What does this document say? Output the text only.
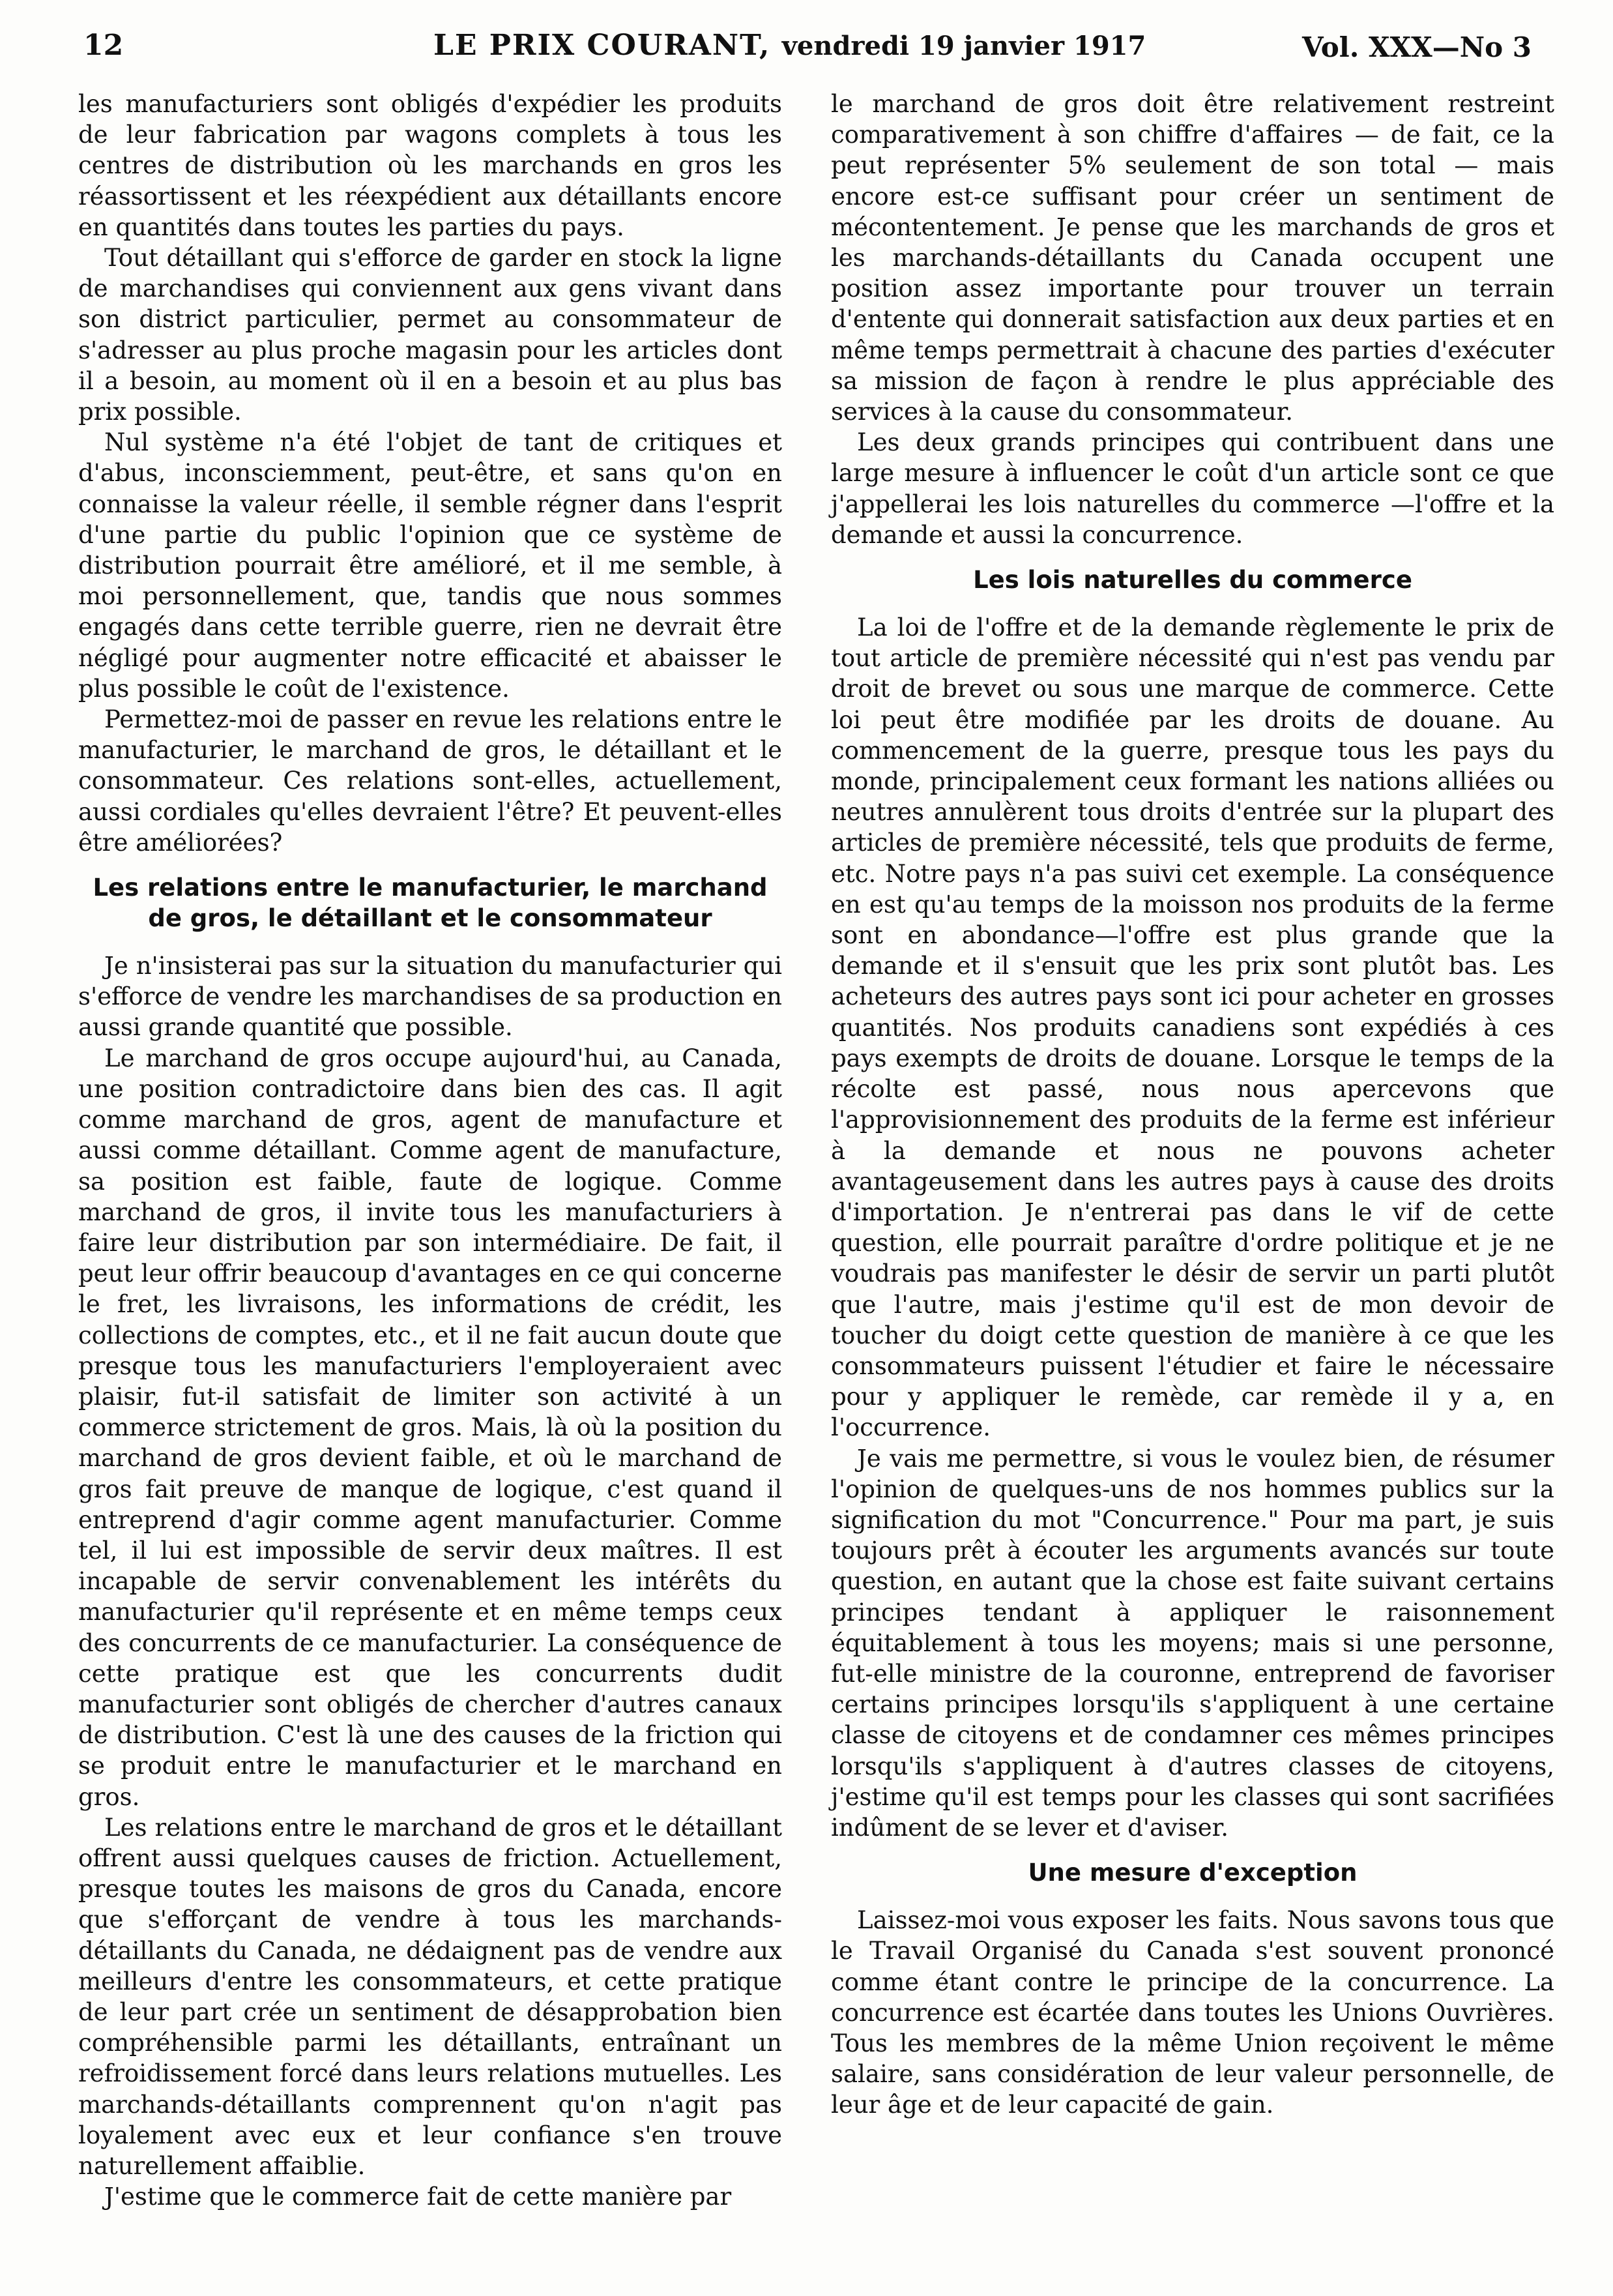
12	LE PRIX COURANT, vendredi 19 janvier 1917	Vol. XXX—No 3

les manufacturiers sont obligés d'expédier les produits de leur fabrication par wagons complets à tous les centres de distribution où les marchands en gros les réassortissent et les réexpédient aux détaillants encore en quantités dans toutes les parties du pays.

Tout détaillant qui s'efforce de garder en stock la ligne de marchandises qui conviennent aux gens vivant dans son district particulier, permet au consommateur de s'adresser au plus proche magasin pour les articles dont il a besoin, au moment où il en a besoin et au plus bas prix possible.

Nul système n'a été l'objet de tant de critiques et d'abus, inconsciemment, peut-être, et sans qu'on en connaisse la valeur réelle, il semble régner dans l'esprit d'une partie du public l'opinion que ce système de distribution pourrait être amélioré, et il me semble, à moi personnellement, que, tandis que nous sommes engagés dans cette terrible guerre, rien ne devrait être négligé pour augmenter notre efficacité et abaisser le plus possible le coût de l'existence.

Permettez-moi de passer en revue les relations entre le manufacturier, le marchand de gros, le détaillant et le consommateur. Ces relations sont-elles, actuellement, aussi cordiales qu'elles devraient l'être? Et peuvent-elles être améliorées?

Les relations entre le manufacturier, le marchand de gros, le détaillant et le consommateur

Je n'insisterai pas sur la situation du manufacturier qui s'efforce de vendre les marchandises de sa production en aussi grande quantité que possible.

Le marchand de gros occupe aujourd'hui, au Canada, une position contradictoire dans bien des cas. Il agit comme marchand de gros, agent de manufacture et aussi comme détaillant. Comme agent de manufacture, sa position est faible, faute de logique. Comme marchand de gros, il invite tous les manufacturiers à faire leur distribution par son intermédiaire. De fait, il peut leur offrir beaucoup d'avantages en ce qui concerne le fret, les livraisons, les informations de crédit, les collections de comptes, etc., et il ne fait aucun doute que presque tous les manufacturiers l'employeraient avec plaisir, fut-il satisfait de limiter son activité à un commerce strictement de gros. Mais, là où la position du marchand de gros devient faible, et où le marchand de gros fait preuve de manque de logique, c'est quand il entreprend d'agir comme agent manufacturier. Comme tel, il lui est impossible de servir deux maîtres. Il est incapable de servir convenablement les intérêts du manufacturier qu'il représente et en même temps ceux des concurrents de ce manufacturier. La conséquence de cette pratique est que les concurrents dudit manufacturier sont obligés de chercher d'autres canaux de distribution. C'est là une des causes de la friction qui se produit entre le manufacturier et le marchand en gros.

Les relations entre le marchand de gros et le détaillant offrent aussi quelques causes de friction. Actuellement, presque toutes les maisons de gros du Canada, encore que s'efforçant de vendre à tous les marchands-détaillants du Canada, ne dédaignent pas de vendre aux meilleurs d'entre les consommateurs, et cette pratique de leur part crée un sentiment de désapprobation bien compréhensible parmi les détaillants, entraînant un refroidissement forcé dans leurs relations mutuelles. Les marchands-détaillants comprennent qu'on n'agit pas loyalement avec eux et leur confiance s'en trouve naturellement affaiblie.

J'estime que le commerce fait de cette manière par

le marchand de gros doit être relativement restreint comparativement à son chiffre d'affaires — de fait, ce la peut représenter 5% seulement de son total — mais encore est-ce suffisant pour créer un sentiment de mécontentement. Je pense que les marchands de gros et les marchands-détaillants du Canada occupent une position assez importante pour trouver un terrain d'entente qui donnerait satisfaction aux deux parties et en même temps permettrait à chacune des parties d'exécuter sa mission de façon à rendre le plus appréciable des services à la cause du consommateur.

Les deux grands principes qui contribuent dans une large mesure à influencer le coût d'un article sont ce que j'appellerai les lois naturelles du commerce —l'offre et la demande et aussi la concurrence.

Les lois naturelles du commerce

La loi de l'offre et de la demande règlemente le prix de tout article de première nécessité qui n'est pas vendu par droit de brevet ou sous une marque de commerce. Cette loi peut être modifiée par les droits de douane. Au commencement de la guerre, presque tous les pays du monde, principalement ceux formant les nations alliées ou neutres annulèrent tous droits d'entrée sur la plupart des articles de première nécessité, tels que produits de ferme, etc. Notre pays n'a pas suivi cet exemple. La conséquence en est qu'au temps de la moisson nos produits de la ferme sont en abondance—l'offre est plus grande que la demande et il s'ensuit que les prix sont plutôt bas. Les acheteurs des autres pays sont ici pour acheter en grosses quantités. Nos produits canadiens sont expédiés à ces pays exempts de droits de douane. Lorsque le temps de la récolte est passé, nous nous apercevons que l'approvisionnement des produits de la ferme est inférieur à la demande et nous ne pouvons acheter avantageusement dans les autres pays à cause des droits d'importation. Je n'entrerai pas dans le vif de cette question, elle pourrait paraître d'ordre politique et je ne voudrais pas manifester le désir de servir un parti plutôt que l'autre, mais j'estime qu'il est de mon devoir de toucher du doigt cette question de manière à ce que les consommateurs puissent l'étudier et faire le nécessaire pour y appliquer le remède, car remède il y a, en l'occurrence.

Je vais me permettre, si vous le voulez bien, de résumer l'opinion de quelques-uns de nos hommes publics sur la signification du mot "Concurrence." Pour ma part, je suis toujours prêt à écouter les arguments avancés sur toute question, en autant que la chose est faite suivant certains principes tendant à appliquer le raisonnement équitablement à tous les moyens; mais si une personne, fut-elle ministre de la couronne, entreprend de favoriser certains principes lorsqu'ils s'appliquent à une certaine classe de citoyens et de condamner ces mêmes principes lorsqu'ils s'appliquent à d'autres classes de citoyens, j'estime qu'il est temps pour les classes qui sont sacrifiées indûment de se lever et d'aviser.

Une mesure d'exception

Laissez-moi vous exposer les faits. Nous savons tous que le Travail Organisé du Canada s'est souvent prononcé comme étant contre le principe de la concurrence. La concurrence est écartée dans toutes les Unions Ouvrières. Tous les membres de la même Union reçoivent le même salaire, sans considération de leur valeur personnelle, de leur âge et de leur capacité de gain.
